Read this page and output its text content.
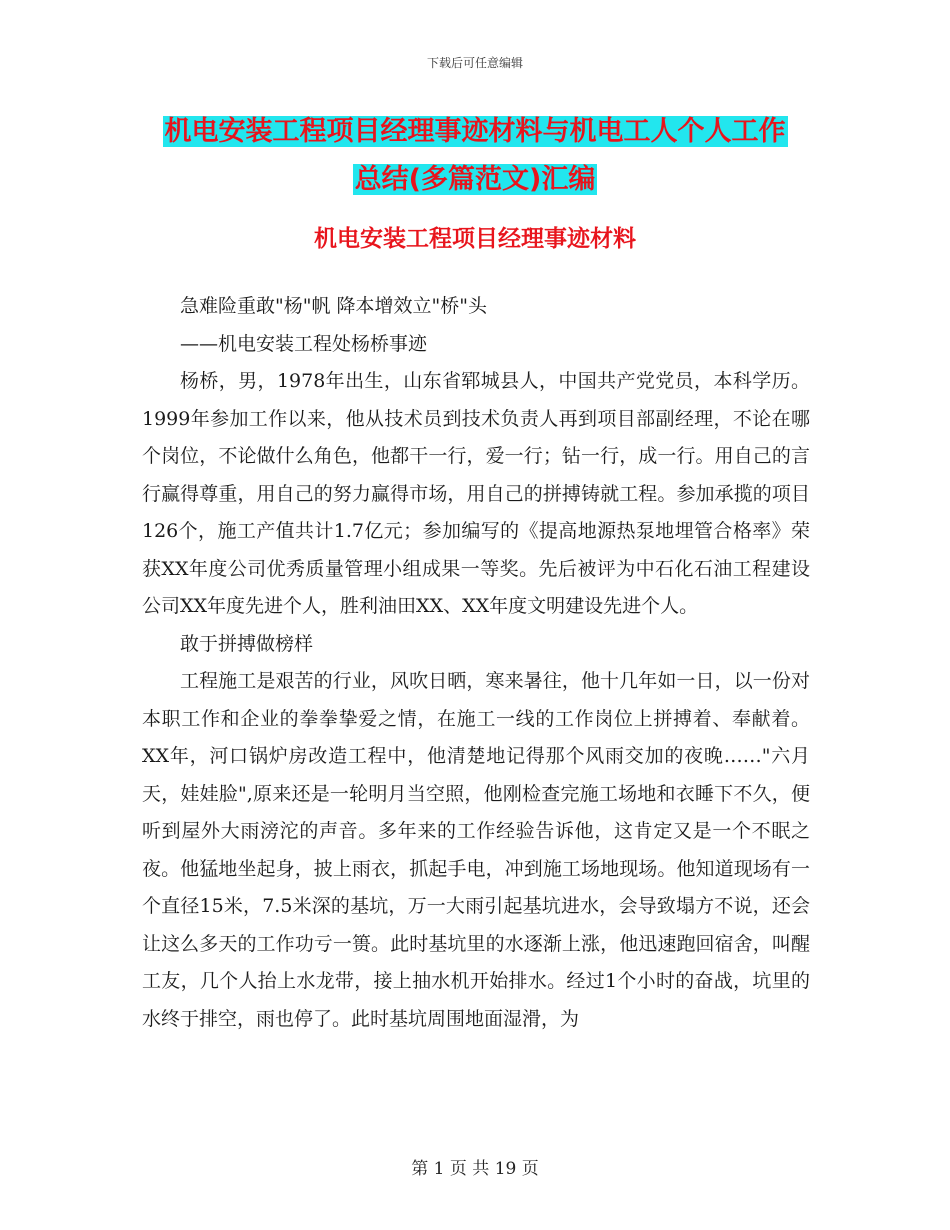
下载后可任意编辑
机电安装工程项目经理事迹材料与机电工人个人工作
总结(多篇范文)汇编
机电安装工程项目经理事迹材料

急难险重敢"杨"帆 降本增效立"桥"头

——机电安装工程处杨桥事迹

杨桥，男，1978年出生，山东省郓城县人，中国共产党党员，本科学历。1999年参加工作以来，他从技术员到技术负责人再到项目部副经理，不论在哪个岗位，不论做什么角色，他都干一行，爱一行；钻一行，成一行。用自己的言行赢得尊重，用自己的努力赢得市场，用自己的拼搏铸就工程。参加承揽的项目 126个，施工产值共计1.7亿元；参加编写的《提高地源热泵地埋管合格率》荣获XX年度公司优秀质量管理小组成果一等奖。先后被评为中石化石油工程建设公司XX年度先进个人，胜利油田XX、XX年度文明建设先进个人。

敢于拼搏做榜样

工程施工是艰苦的行业，风吹日晒，寒来暑往，他十几年如一日，以一份对本职工作和企业的拳拳挚爱之情，在施工一线的工作岗位上拼搏着、奉献着。XX年，河口锅炉房改造工程中，他清楚地记得那个风雨交加的夜晚……"六月天，娃娃脸",原来还是一轮明月当空照，他刚检查完施工场地和衣睡下不久，便听到屋外大雨滂沱的声音。多年来的工作经验告诉他，这肯定又是一个不眠之夜。他猛地坐起身，披上雨衣，抓起手电，冲到施工场地现场。他知道现场有一个直径15米，7.5米深的基坑，万一大雨引起基坑进水，会导致塌方不说，还会让这么多天的工作功亏一篑。此时基坑里的水逐渐上涨，他迅速跑回宿舍，叫醒工友，几个人抬上水龙带，接上抽水机开始排水。经过1个小时的奋战，坑里的水终于排空，雨也停了。此时基坑周围地面湿滑，为

第 1 页 共 19 页
